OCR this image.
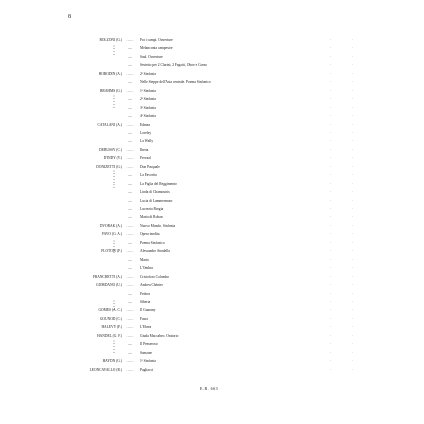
8
BOLZONI (G.)	……	Fra i campi. Ouverture	·	·
—	Melanconia campestre	·	·
—	Saul. Ouverture	·	·
—	Sestetto per 2 Clarini, 2 Fagotti, Oboe e Corno	·	·
BORODIN (A.)	……	2ª Sinfonia	·	·
—	Nelle Steppe dell'Asia centrale. Poema Sinfonico	·	·
BRAHMS (G.)	……	1ª Sinfonia	·	·
—	2ª Sinfonia	·	·
—	3ª Sinfonia	·	·
—	4ª Sinfonia	·	·
CATALANI (A.)	……	Edmea	·	·
—	Loreley	·	·
—	La Wally	·	·
DEBUSSY (C.)	……	Iberia	·	·
D'INDY (V.)	……	Fervaal	·	·
DONIZETTI (G.)	……	Don Pasquale	·	·
—	La Favorita	·	·
—	La Figlia del Reggimento	·	·
—	Linda di Chamounix	·	·
—	Lucia di Lammermoor	·	·
—	Lucrezia Borgia	·	·
—	Maria di Rohan	·	·
DVORAK (A.)	……	Nuovo Mondo. Sinfonia	·	·
FAVO (G. A.)	……	Opera inedita	·	·
—	Poema Sinfonico	·	·
FLOTOW (F.)	……	Alessandro Stradella	·	·
—	Marta	·	·
—	L'Ombra	·	·
FRANCHETTI (A.)	……	Cristoforo Colombo	·	·
GIORDANO (U.)	……	Andrea Chénier	·	·
—	Fedora	·	·
—	Siberia	·	·
GOMES (A. C.)	……	Il Guarany	·	·
GOUNOD (C.)	……	Faust	·	·
HALEVY (F.)	……	L'Ebrea	·	·
HANDEL (G. F.)	……	Giuda Maccabeo. Oratorio	·	·
—	Il Penseroso	·	·
—	Sansone	·	·
HAYDN (G.)	……	1ª Sinfonia	·	·
LEONCAVALLO (R.)	……	Pagliacci	·	·
E.R. 663
l l l l
l l l l l
l l l l l l l
l l l l l
l l l l
l l l l l
